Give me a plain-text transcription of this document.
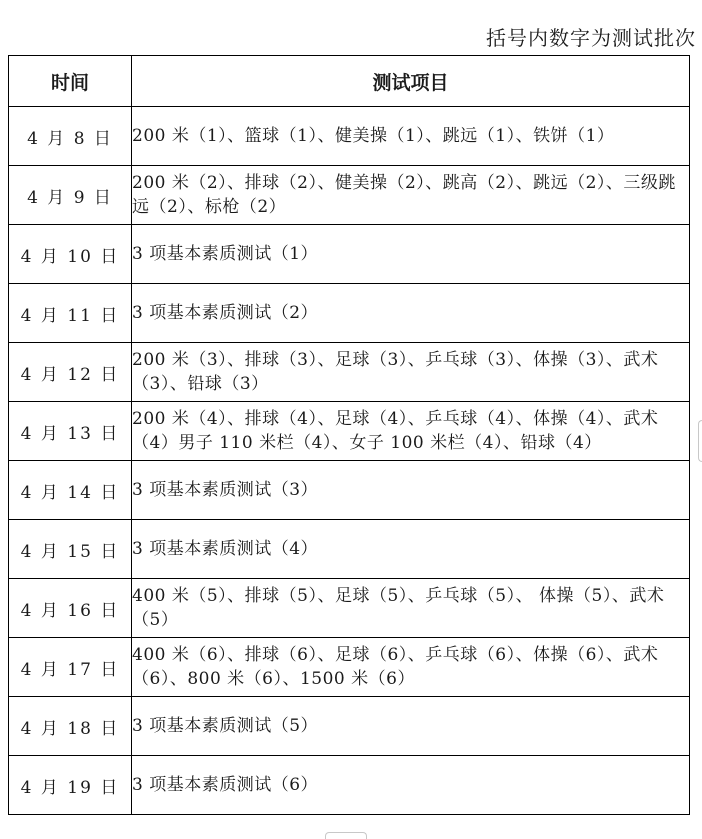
括号内数字为测试批次
时间	测试项目
4 月 8 日	200 米（1）、篮球（1）、健美操（1）、跳远（1）、铁饼（1）
4 月 9 日	200 米（2）、排球（2）、健美操（2）、跳高（2）、跳远（2）、三级跳远（2）、标枪（2）
4 月 10 日	3 项基本素质测试（1）
4 月 11 日	3 项基本素质测试（2）
4 月 12 日	200 米（3）、排球（3）、足球（3）、乒乓球（3）、体操（3）、武术（3）、铅球（3）
4 月 13 日	200 米（4）、排球（4）、足球（4）、乒乓球（4）、体操（4）、武术（4）男子 110 米栏（4）、女子 100 米栏（4）、铅球（4）
4 月 14 日	3 项基本素质测试（3）
4 月 15 日	3 项基本素质测试（4）
4 月 16 日	400 米（5）、排球（5）、足球（5）、乒乓球（5）、 体操（5）、武术（5）
4 月 17 日	400 米（6）、排球（6）、足球（6）、乒乓球（6）、体操（6）、武术（6）、800 米（6）、1500 米（6）
4 月 18 日	3 项基本素质测试（5）
4 月 19 日	3 项基本素质测试（6）
